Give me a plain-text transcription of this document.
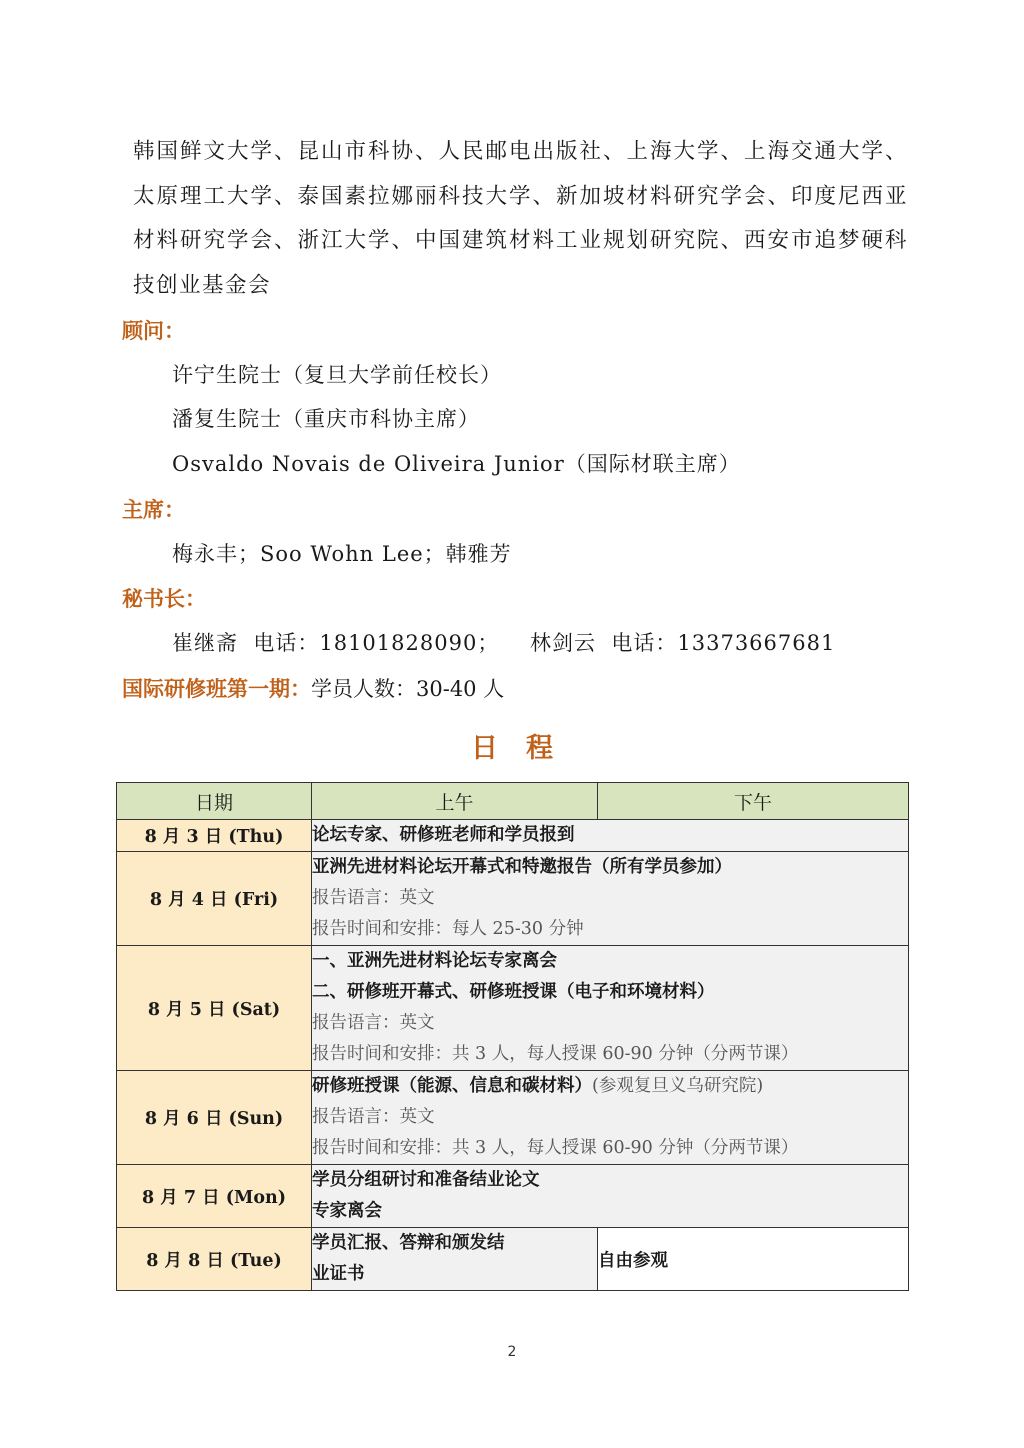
韩国鲜文大学、昆山市科协、人民邮电出版社、上海大学、上海交通大学、太原理工大学、泰国素拉娜丽科技大学、新加坡材料研究学会、印度尼西亚材料研究学会、浙江大学、中国建筑材料工业规划研究院、西安市追梦硬科技创业基金会

顾问：

许宁生院士（复旦大学前任校长）

潘复生院士（重庆市科协主席）

Osvaldo Novais de Oliveira Junior（国际材联主席）

主席：

梅永丰；Soo Wohn Lee；韩雅芳

秘书长：

崔继斋  电话：18101828090；    林剑云  电话：13373667681

国际研修班第一期：学员人数：30-40 人

日程
日期	上午	下午
8 月 3 日 (Thu)	论坛专家、研修班老师和学员报到	

8 月 4 日 (Fri)	亚洲先进材料论坛开幕式和特邀报告（所有学员参加）
报告语言：英文
报告时间和安排：每人 25-30 分钟	

8 月 5 日 (Sat)	一、亚洲先进材料论坛专家离会
二、研修班开幕式、研修班授课（电子和环境材料）
报告语言：英文
报告时间和安排：共 3 人，每人授课 60-90 分钟（分两节课）	

8 月 6 日 (Sun)	研修班授课（能源、信息和碳材料）(参观复旦义乌研究院)
报告语言：英文
报告时间和安排：共 3 人，每人授课 60-90 分钟（分两节课）	

8 月 7 日 (Mon)	学员分组研讨和准备结业论文
专家离会	

8 月 8 日 (Tue)	学员汇报、答辩和颁发结
业证书	自由参观
2
